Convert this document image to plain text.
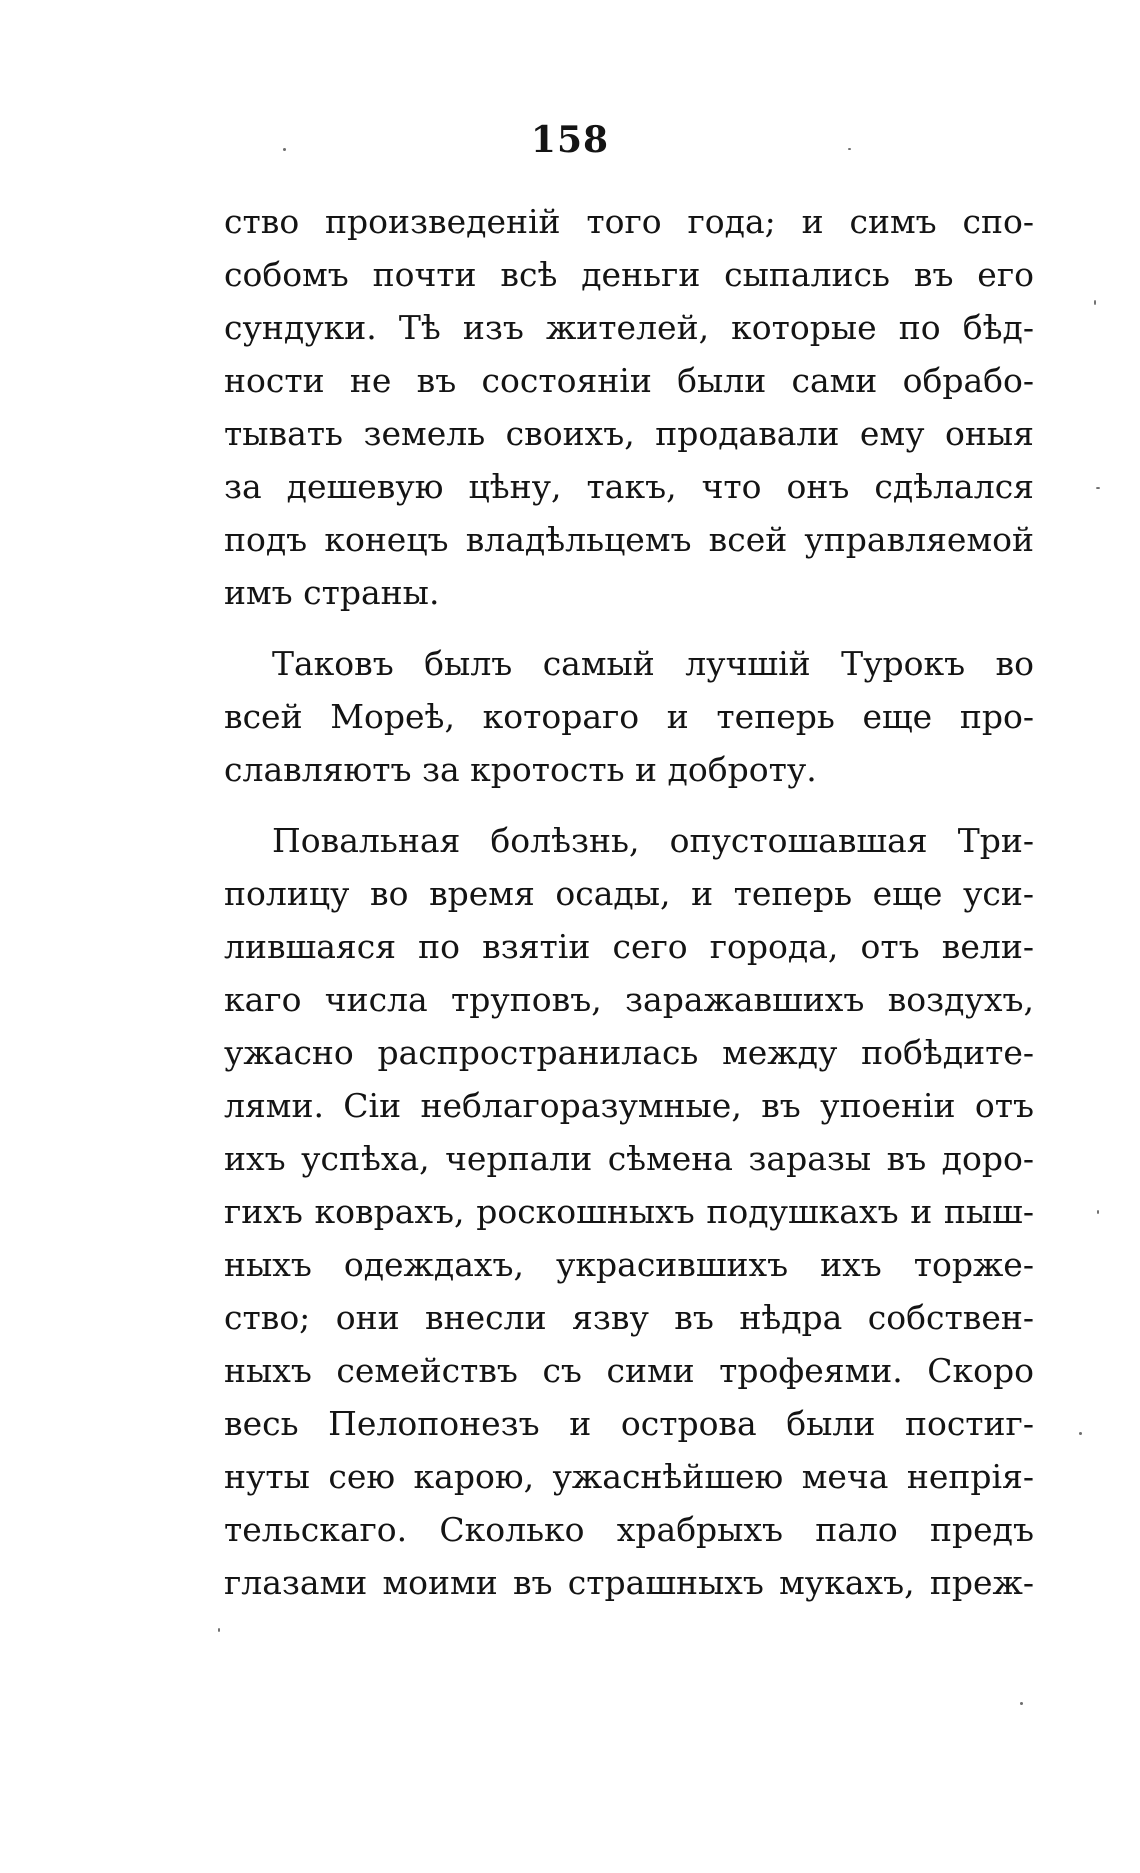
158
ство произведеній того года; и симъ спо-
собомъ почти всѣ деньги сыпались въ его
сундуки. Тѣ изъ жителей, которые по бѣд-
ности не въ состояніи были сами обрабо-
тывать земель своихъ, продавали ему оныя
за дешевую цѣну, такъ, что онъ сдѣлался
подъ конецъ владѣльцемъ всей управляемой
имъ страны.
Таковъ былъ самый лучшій Турокъ во
всей Мореѣ, котораго и теперь еще про-
славляютъ за кротость и доброту.
Повальная болѣзнь, опустошавшая Три-
полицу во время осады, и теперь еще уси-
лившаяся по взятіи сего города, отъ вели-
каго числа труповъ, заражавшихъ воздухъ,
ужасно распространилась между побѣдите-
лями. Сіи неблагоразумные, въ упоеніи отъ
ихъ успѣха, черпали сѣмена заразы въ доро-
гихъ коврахъ, роскошныхъ подушкахъ и пыш-
ныхъ одеждахъ, украсившихъ ихъ торже-
ство; они внесли язву въ нѣдра собствен-
ныхъ семействъ съ сими трофеями. Скоро
весь Пелопонезъ и острова были постиг-
нуты сею карою, ужаснѣйшею меча непрія-
тельскаго. Сколько храбрыхъ пало предъ
глазами моими въ страшныхъ мукахъ, преж-
